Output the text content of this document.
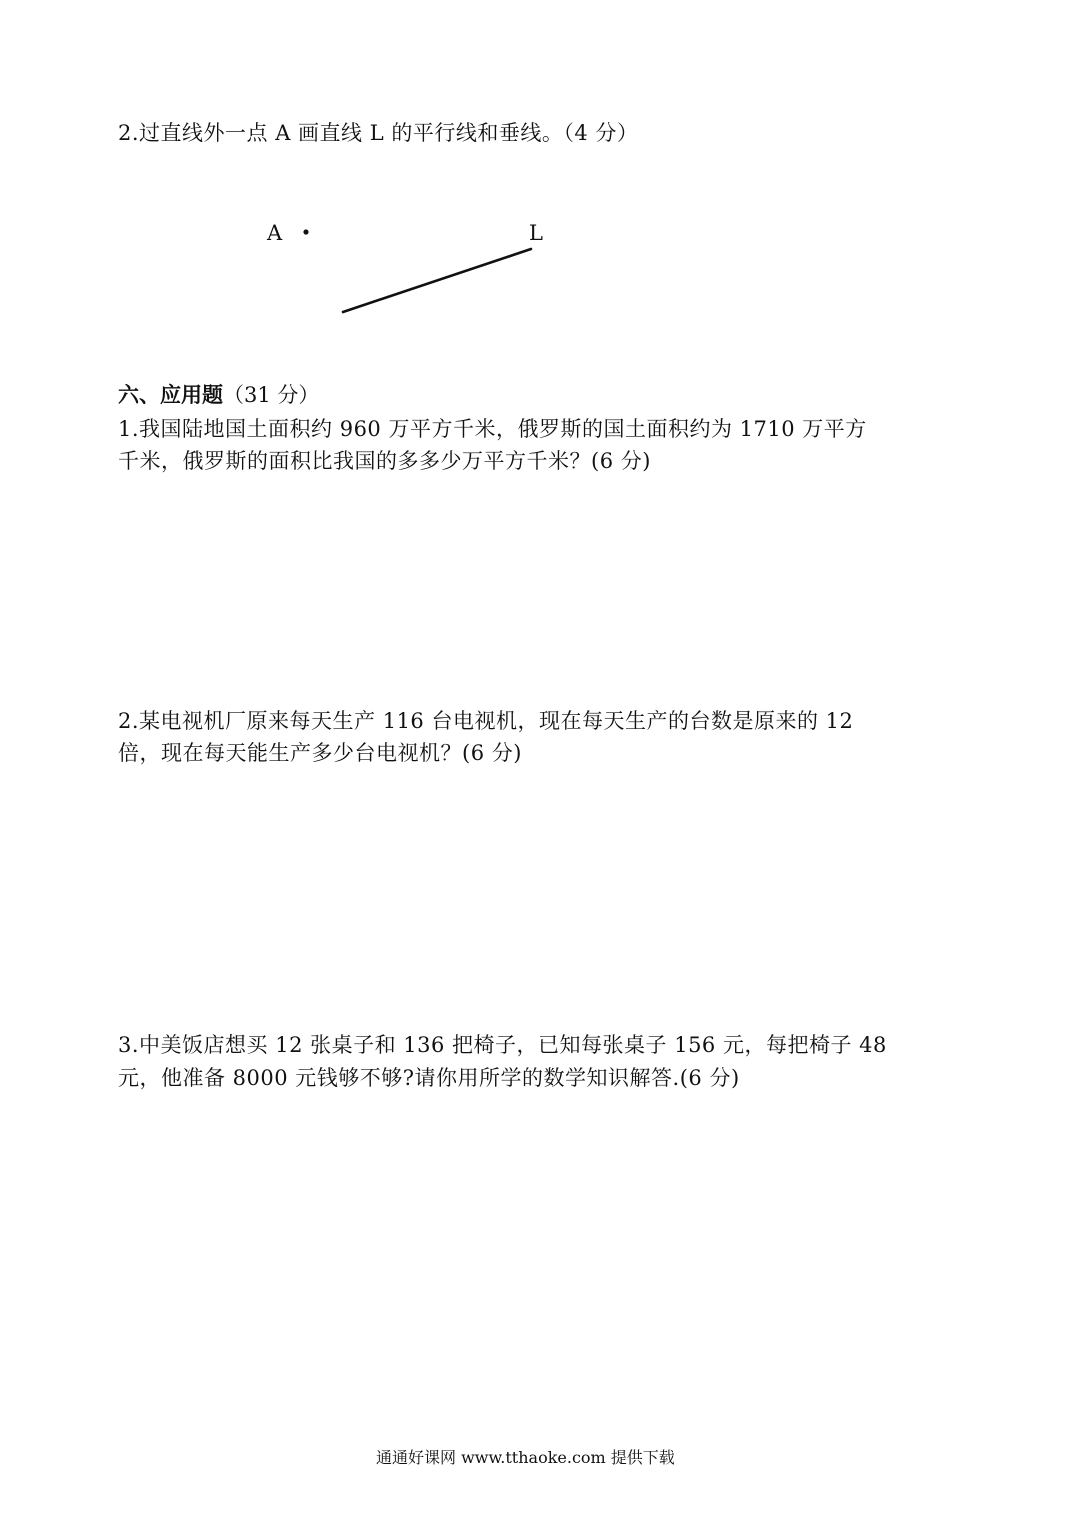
2.过直线外一点 A 画直线 L 的平行线和垂线。（4 分）
A	L
六、应用题（31 分）
1.我国陆地国土面积约 960 万平方千米，俄罗斯的国土面积约为 1710 万平方
千米，俄罗斯的面积比我国的多多少万平方千米？(6 分)
2.某电视机厂原来每天生产 116 台电视机，现在每天生产的台数是原来的 12
倍，现在每天能生产多少台电视机？(6 分)
3.中美饭店想买 12 张桌子和 136 把椅子，已知每张桌子 156 元，每把椅子 48
元，他准备 8000 元钱够不够?请你用所学的数学知识解答.(6 分)
通通好课网 www.tthaoke.com 提供下载
